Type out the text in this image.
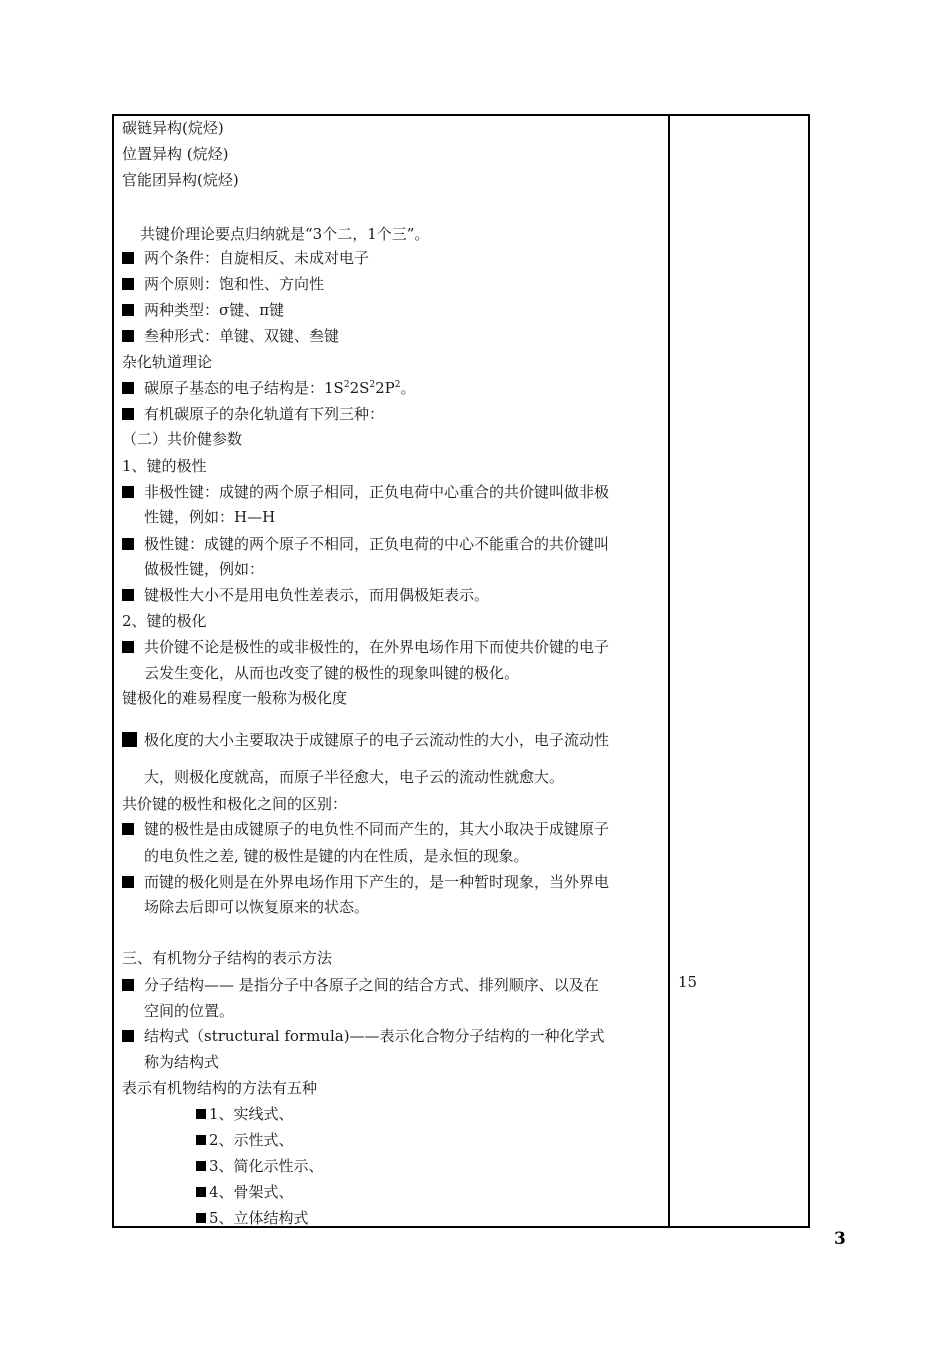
碳链异构(烷烃)
位置异构 (烷烃)
官能团异构(烷烃)
共键价理论要点归纳就是“3个二，1个三”。
两个条件：自旋相反、未成对电子
两个原则：饱和性、方向性
两种类型：σ键、π键
叁种形式：单键、双键、叁键
杂化轨道理论
碳原子基态的电子结构是：$1S^22S^22P^2$。
有机碳原子的杂化轨道有下列三种：
（二）共价健参数
1、键的极性
非极性键：成键的两个原子相同，正负电荷中心重合的共价键叫做非极
性键，例如：H—H
极性键：成键的两个原子不相同，正负电荷的中心不能重合的共价键叫
做极性键，例如：
键极性大小不是用电负性差表示，而用偶极矩表示。
2、键的极化
共价键不论是极性的或非极性的，在外界电场作用下而使共价键的电子
云发生变化，从而也改变了键的极性的现象叫键的极化。
键极化的难易程度一般称为极化度
极化度的大小主要取决于成键原子的电子云流动性的大小，电子流动性
大，则极化度就高，而原子半径愈大，电子云的流动性就愈大。
共价键的极性和极化之间的区别：
键的极性是由成键原子的电负性不同而产生的，其大小取决于成键原子
的电负性之差, 键的极性是键的内在性质，是永恒的现象。
而键的极化则是在外界电场作用下产生的，是一种暂时现象，当外界电
场除去后即可以恢复原来的状态。
三、有机物分子结构的表示方法
分子结构—— 是指分子中各原子之间的结合方式、排列顺序、以及在
空间的位置。
结构式（structural formula)——表示化合物分子结构的一种化学式
称为结构式
表示有机物结构的方法有五种
1、实线式、
2、示性式、
3、简化示性示、
4、骨架式、
5、立体结构式
15
3
